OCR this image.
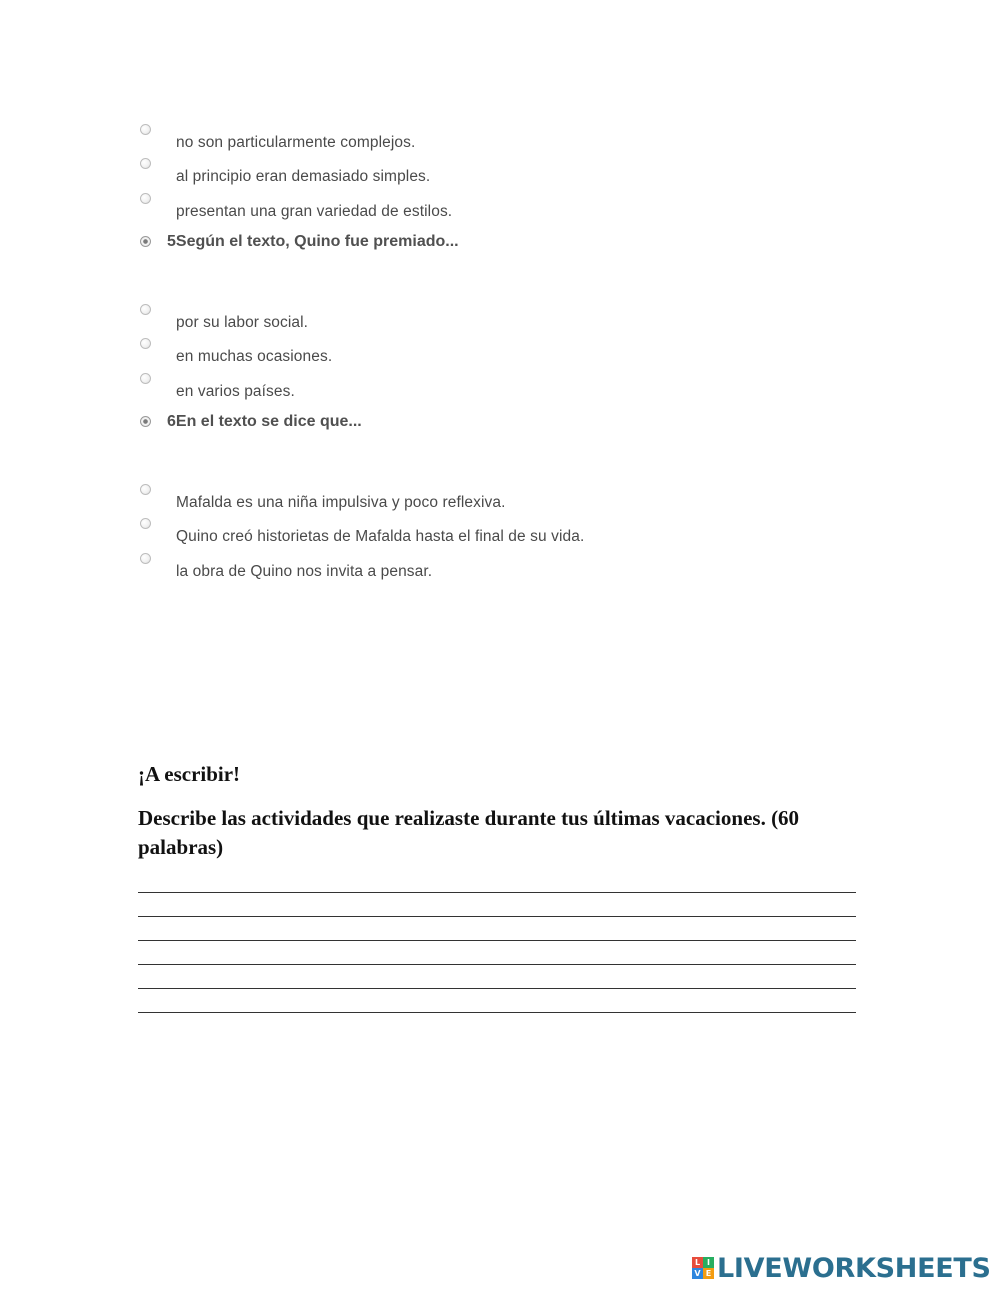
no son particularmente complejos.
al principio eran demasiado simples.
presentan una gran variedad de estilos.
5Según el texto, Quino fue premiado...
por su labor social.
en muchas ocasiones.
en varios países.
6En el texto se dice que...
Mafalda es una niña impulsiva y poco reflexiva.
Quino creó historietas de Mafalda hasta el final de su vida.
la obra de Quino nos invita a pensar.
¡A escribir!

Describe las actividades que realizaste durante tus últimas vacaciones. (60 palabras)

L I
V E LIVEWORKSHEETS
